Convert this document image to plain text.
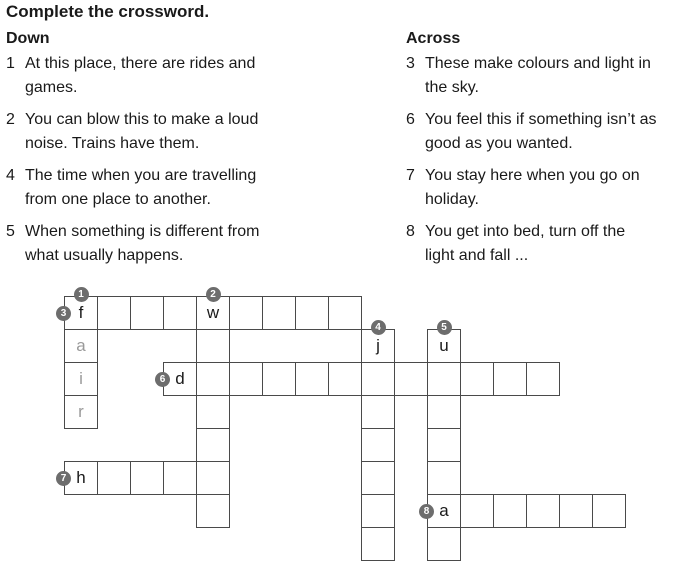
Complete the crossword.
Down
1 At this place, there are rides and
games.
2 You can blow this to make a loud
noise. Trains have them.
4 The time when you are travelling
from one place to another.
5 When something is different from
what usually happens.
Across
3 These make colours and light in
the sky.
6 You feel this if something isn’t as
good as you wanted.
7 You stay here when you go on
holiday.
8 You get into bed, turn off the
light and fall ...
f
a
i
r
w
j	u
a
d
h
1	2
3
4	5
6
7
8
